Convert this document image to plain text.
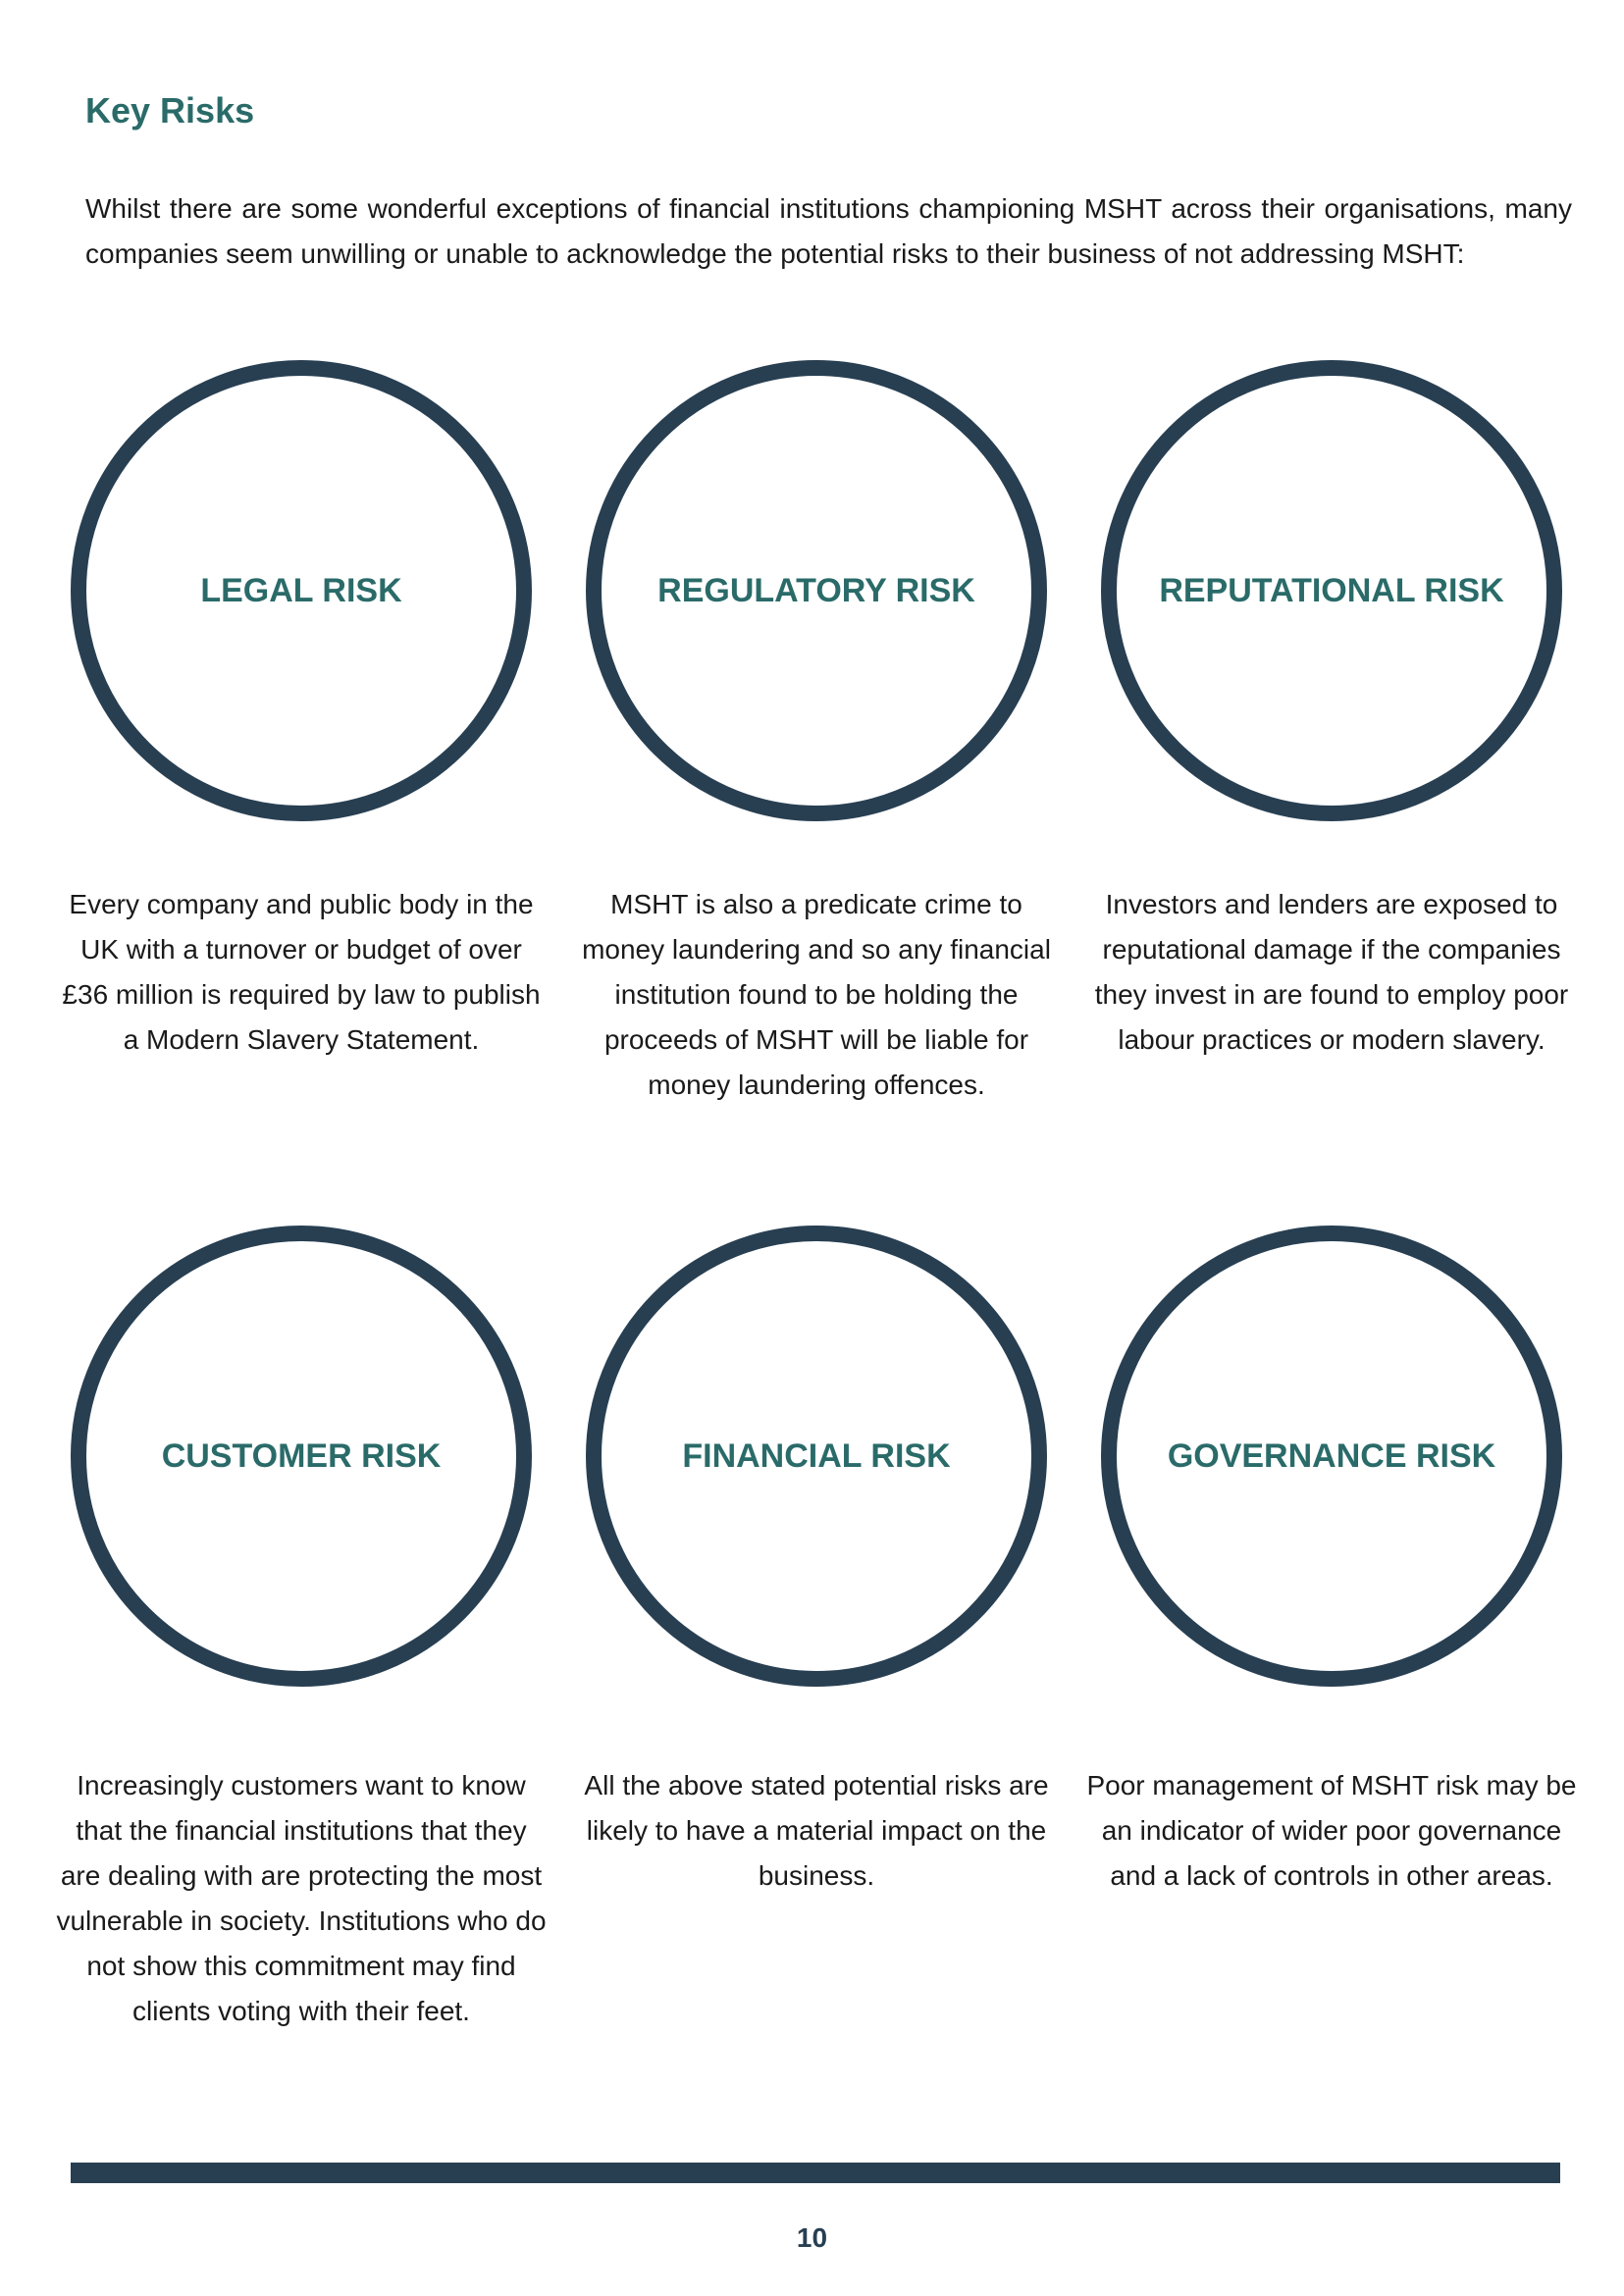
Key Risks

Whilst there are some wonderful exceptions of financial institutions championing MSHT across their organisations, many companies seem unwilling or unable to acknowledge the potential risks to their business of not addressing MSHT:

LEGAL RISK

Every company and public body in the UK with a turnover or budget of over £36 million is required by law to publish a Modern Slavery Statement.

REGULATORY RISK

MSHT is also a predicate crime to money laundering and so any financial institution found to be holding the proceeds of MSHT will be liable for money laundering offences.

REPUTATIONAL RISK

Investors and lenders are exposed to reputational damage if the companies they invest in are found to employ poor labour practices or modern slavery.

CUSTOMER RISK

Increasingly customers want to know that the financial institutions that they are dealing with are protecting the most vulnerable in society. Institutions who do not show this commitment may find clients voting with their feet.

FINANCIAL RISK

All the above stated potential risks are likely to have a material impact on the business.

GOVERNANCE RISK

Poor management of MSHT risk may be an indicator of wider poor governance and a lack of controls in other areas.

10
